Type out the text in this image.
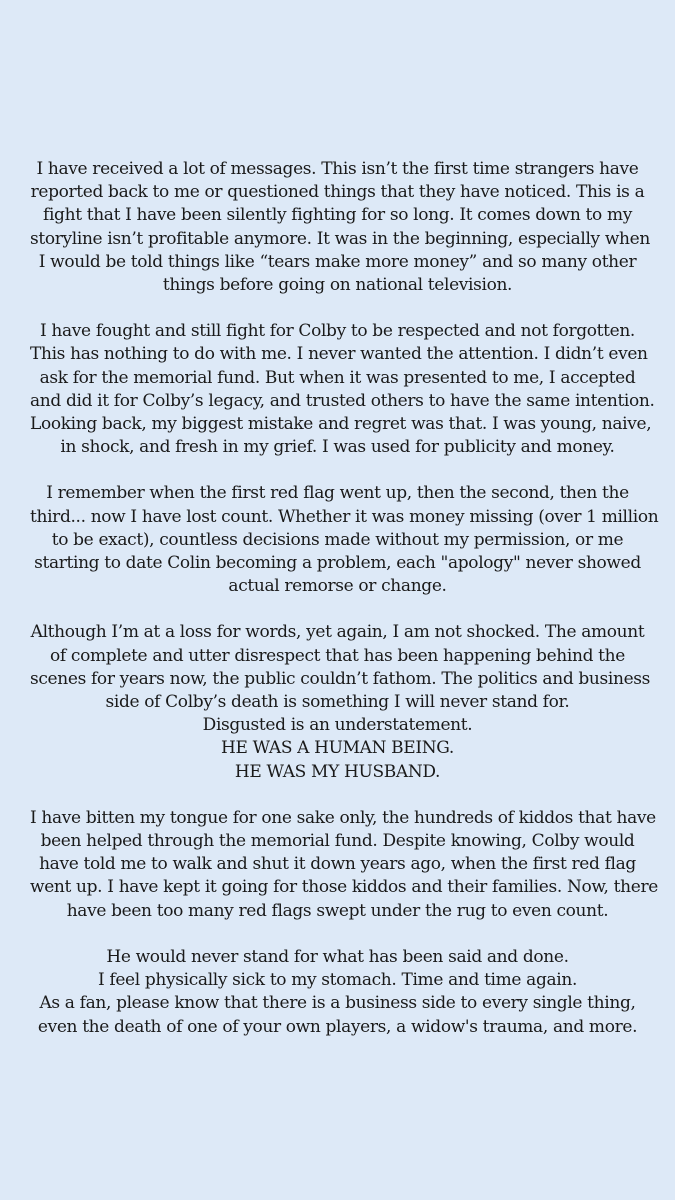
I have received a lot of messages. This isn’t the first time strangers have
reported back to me or questioned things that they have noticed. This is a
fight that I have been silently fighting for so long. It comes down to my
storyline isn’t profitable anymore. It was in the beginning, especially when
I would be told things like “tears make more money” and so many other
things before going on national television.

I have fought and still fight for Colby to be respected and not forgotten.
This has nothing to do with me. I never wanted the attention. I didn’t even
ask for the memorial fund. But when it was presented to me, I accepted
and did it for Colby’s legacy, and trusted others to have the same intention.
Looking back, my biggest mistake and regret was that. I was young, naive,
in shock, and fresh in my grief. I was used for publicity and money.

I remember when the first red flag went up, then the second, then the
third... now I have lost count. Whether it was money missing (over 1 million
to be exact), countless decisions made without my permission, or me
starting to date Colin becoming a problem, each "apology" never showed
actual remorse or change.

Although I’m at a loss for words, yet again, I am not shocked. The amount
of complete and utter disrespect that has been happening behind the
scenes for years now, the public couldn’t fathom. The politics and business
side of Colby’s death is something I will never stand for.
Disgusted is an understatement.
HE WAS A HUMAN BEING.
HE WAS MY HUSBAND.

I have bitten my tongue for one sake only, the hundreds of kiddos that have
been helped through the memorial fund. Despite knowing, Colby would
have told me to walk and shut it down years ago, when the first red flag
went up. I have kept it going for those kiddos and their families. Now, there
have been too many red flags swept under the rug to even count.

He would never stand for what has been said and done.
I feel physically sick to my stomach. Time and time again.
As a fan, please know that there is a business side to every single thing,
even the death of one of your own players, a widow's trauma, and more.
